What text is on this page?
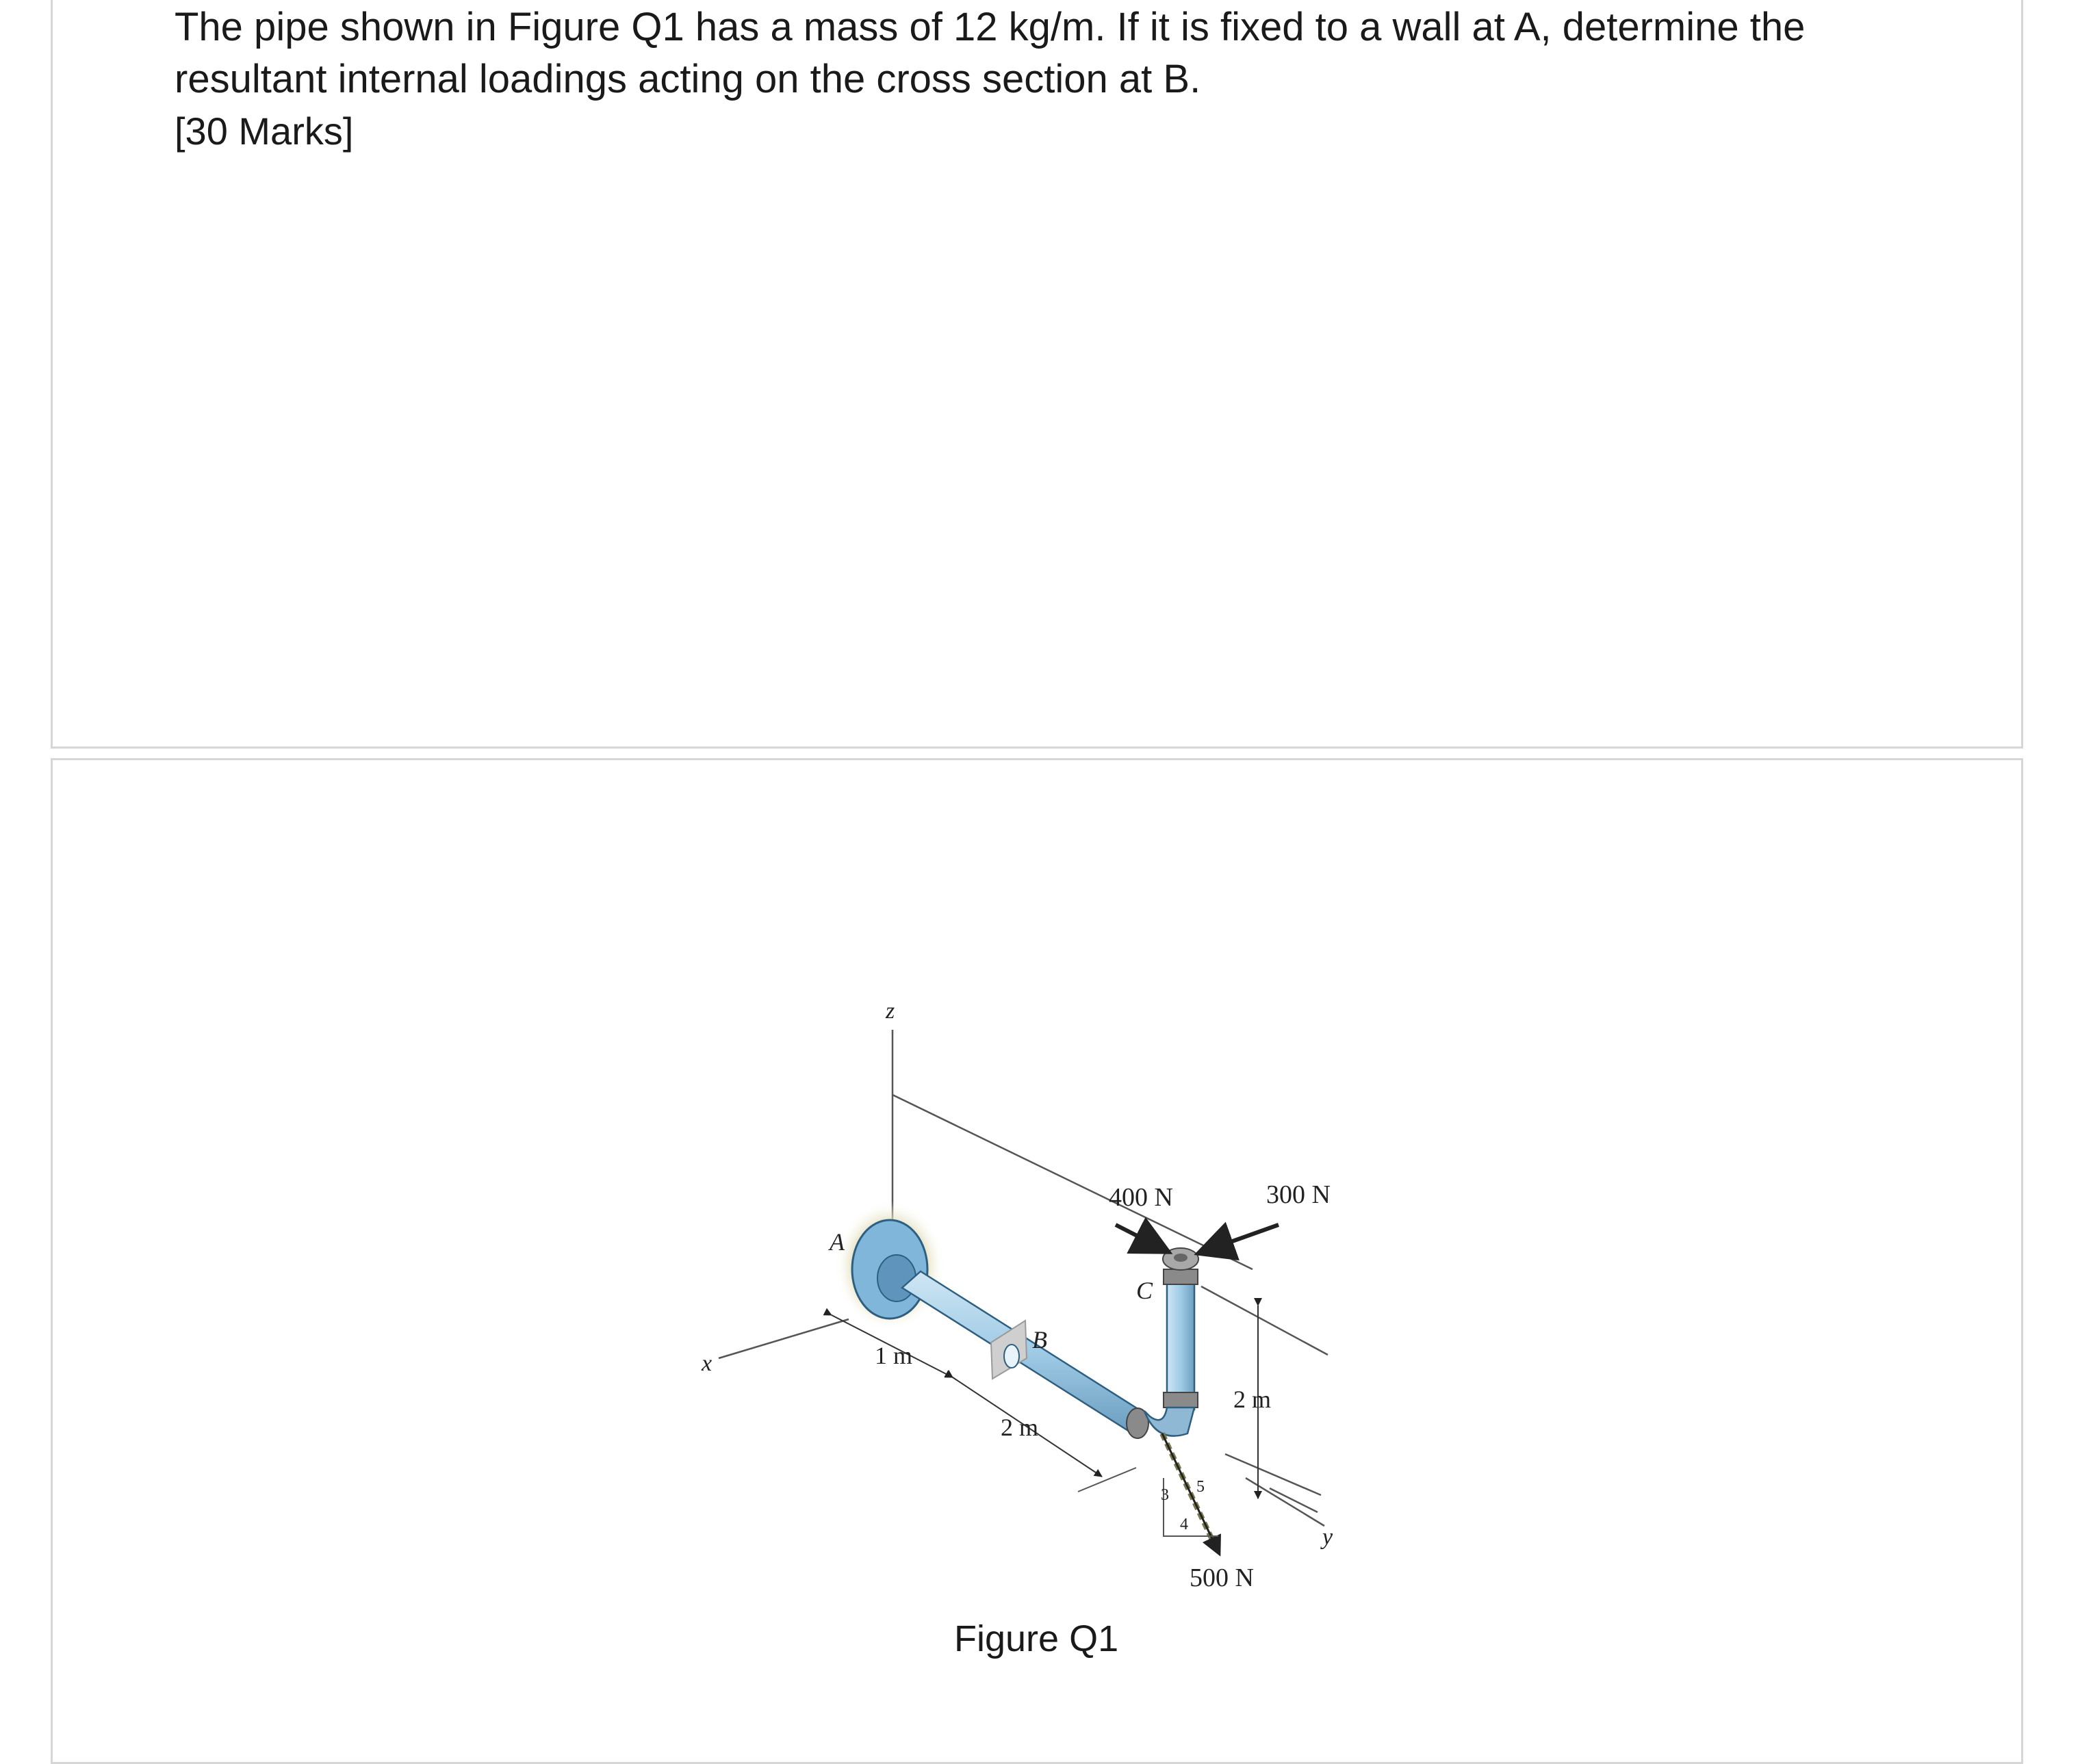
The pipe shown in Figure Q1 has a mass of 12 kg/m. If it is fixed to a wall at A, determine the

resultant internal loadings acting on the cross section at B.

[30 Marks]

z
x
y
A
B
C
1 m
2 m
2 m
400 N	300 N
500 N
3
4
5
Figure Q1
